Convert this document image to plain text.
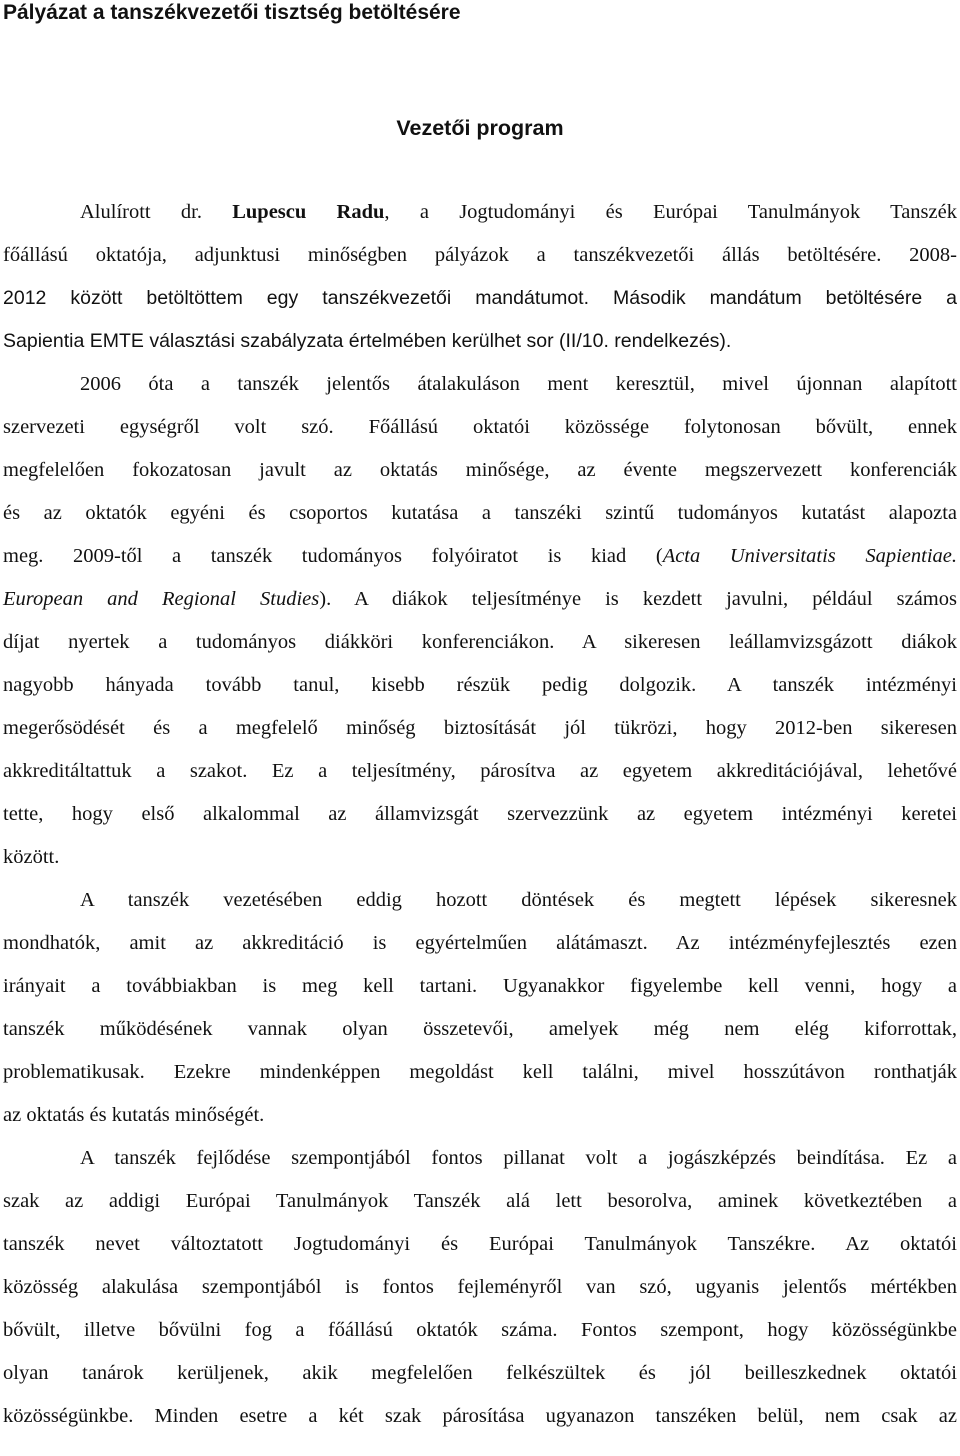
Pályázat a tanszékvezetői tisztség betöltésére
Vezetői program

Alulírott dr. Lupescu Radu, a Jogtudományi és Európai Tanulmányok Tanszék

főállású oktatója, adjunktusi minőségben pályázok a tanszékvezetői állás betöltésére. 2008-

2012 között betöltöttem egy tanszékvezetői mandátumot. Második mandátum betöltésére a

Sapientia EMTE választási szabályzata értelmében kerülhet sor (II/10. rendelkezés).

2006 óta a tanszék jelentős átalakuláson ment keresztül, mivel újonnan alapított

szervezeti egységről volt szó. Főállású oktatói közössége folytonosan bővült, ennek

megfelelően fokozatosan javult az oktatás minősége, az évente megszervezett konferenciák

és az oktatók egyéni és csoportos kutatása a tanszéki szintű tudományos kutatást alapozta

meg. 2009-től a tanszék tudományos folyóiratot is kiad (Acta Universitatis Sapientiae.

European and Regional Studies). A diákok teljesítménye is kezdett javulni, például számos

díjat nyertek a tudományos diákköri konferenciákon. A sikeresen leállamvizsgázott diákok

nagyobb hányada tovább tanul, kisebb részük pedig dolgozik. A tanszék intézményi

megerősödését és a megfelelő minőség biztosítását jól tükrözi, hogy 2012-ben sikeresen

akkreditáltattuk a szakot. Ez a teljesítmény, párosítva az egyetem akkreditációjával, lehetővé

tette, hogy első alkalommal az államvizsgát szervezzünk az egyetem intézményi keretei

között.

A tanszék vezetésében eddig hozott döntések és megtett lépések sikeresnek

mondhatók, amit az akkreditáció is egyértelműen alátámaszt. Az intézményfejlesztés ezen

irányait a továbbiakban is meg kell tartani. Ugyanakkor figyelembe kell venni, hogy a

tanszék működésének vannak olyan összetevői, amelyek még nem elég kiforrottak,

problematikusak. Ezekre mindenképpen megoldást kell találni, mivel hosszútávon ronthatják

az oktatás és kutatás minőségét.

A tanszék fejlődése szempontjából fontos pillanat volt a jogászképzés beindítása. Ez a

szak az addigi Európai Tanulmányok Tanszék alá lett besorolva, aminek következtében a

tanszék nevet változtatott Jogtudományi és Európai Tanulmányok Tanszékre. Az oktatói

közösség alakulása szempontjából is fontos fejleményről van szó, ugyanis jelentős mértékben

bővült, illetve bővülni fog a főállású oktatók száma. Fontos szempont, hogy közösségünkbe

olyan tanárok kerüljenek, akik megfelelően felkészültek és jól beilleszkednek oktatói

közösségünkbe. Minden esetre a két szak párosítása ugyanazon tanszéken belül, nem csak az
